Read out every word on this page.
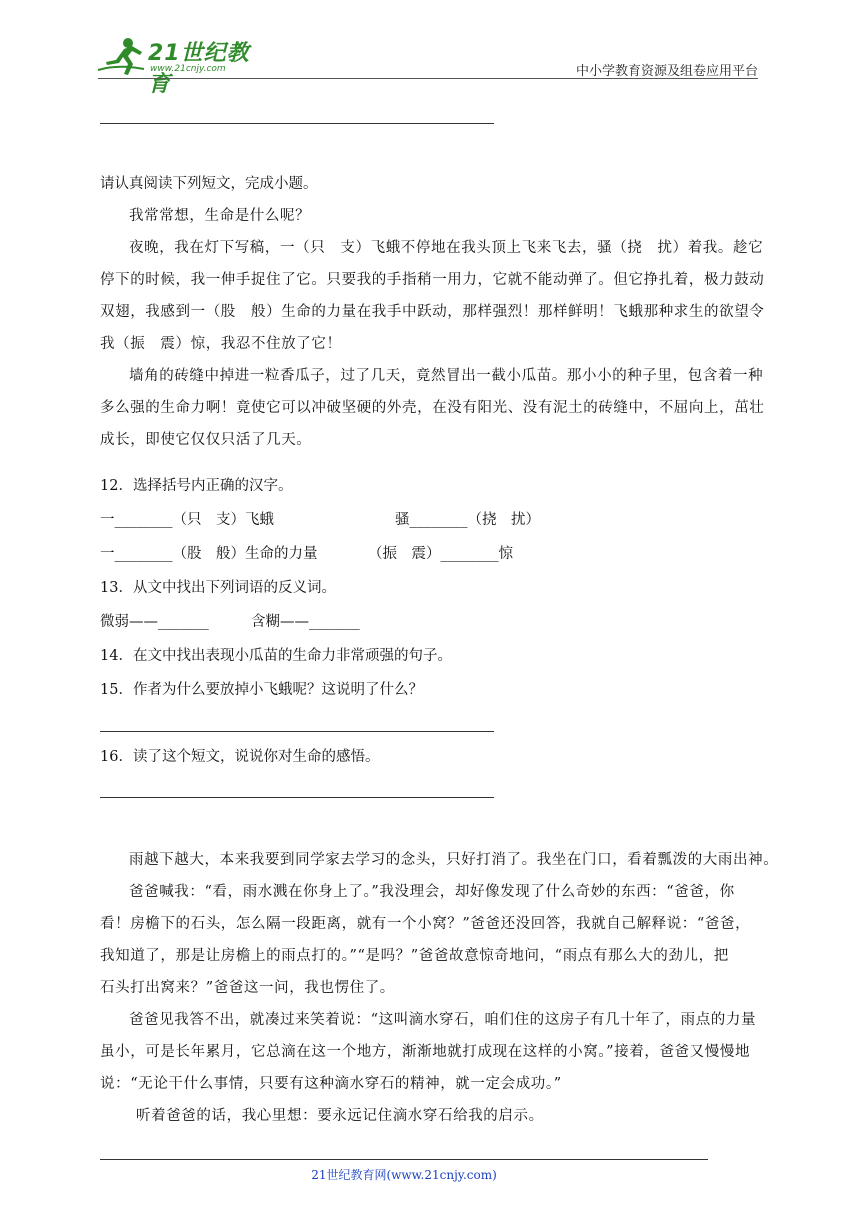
21世纪教育
www.21cnjy.com	中小学教育资源及组卷应用平台
请认真阅读下列短文，完成小题。
我常常想，生命是什么呢？
夜晚，我在灯下写稿，一（只　支）飞蛾不停地在我头顶上飞来飞去，骚（挠　扰）着我。趁它
停下的时候，我一伸手捉住了它。只要我的手指稍一用力，它就不能动弹了。但它挣扎着，极力鼓动
双翅，我感到一（股　般）生命的力量在我手中跃动，那样强烈！那样鲜明！飞蛾那种求生的欲望令
我（振　震）惊，我忍不住放了它！
墙角的砖缝中掉进一粒香瓜子，过了几天，竟然冒出一截小瓜苗。那小小的种子里，包含着一种
多么强的生命力啊！竟使它可以冲破坚硬的外壳，在没有阳光、没有泥土的砖缝中，不屈向上，茁壮
成长，即使它仅仅只活了几天。
12．选择括号内正确的汉字。
一________（只　支）飞蛾	骚________（挠　扰）
一________（股　般）生命的力量	（振　震）________惊
13．从文中找出下列词语的反义词。
微弱——_______	含糊——_______
14．在文中找出表现小瓜苗的生命力非常顽强的句子。
15．作者为什么要放掉小飞蛾呢？这说明了什么？
16．读了这个短文，说说你对生命的感悟。
雨越下越大，本来我要到同学家去学习的念头，只好打消了。我坐在门口，看着瓢泼的大雨出神。
爸爸喊我：“看，雨水溅在你身上了。”我没理会，却好像发现了什么奇妙的东西：“爸爸，你
看！房檐下的石头，怎么隔一段距离，就有一个小窝？”爸爸还没回答，我就自己解释说：“爸爸，
我知道了，那是让房檐上的雨点打的。”“是吗？”爸爸故意惊奇地问，“雨点有那么大的劲儿，把
石头打出窝来？”爸爸这一问，我也愣住了。
爸爸见我答不出，就凑过来笑着说：“这叫滴水穿石，咱们住的这房子有几十年了，雨点的力量
虽小，可是长年累月，它总滴在这一个地方，渐渐地就打成现在这样的小窝。”接着，爸爸又慢慢地
说：“无论干什么事情，只要有这种滴水穿石的精神，就一定会成功。”
听着爸爸的话，我心里想：要永远记住滴水穿石给我的启示。
21世纪教育网(www.21cnjy.com)
